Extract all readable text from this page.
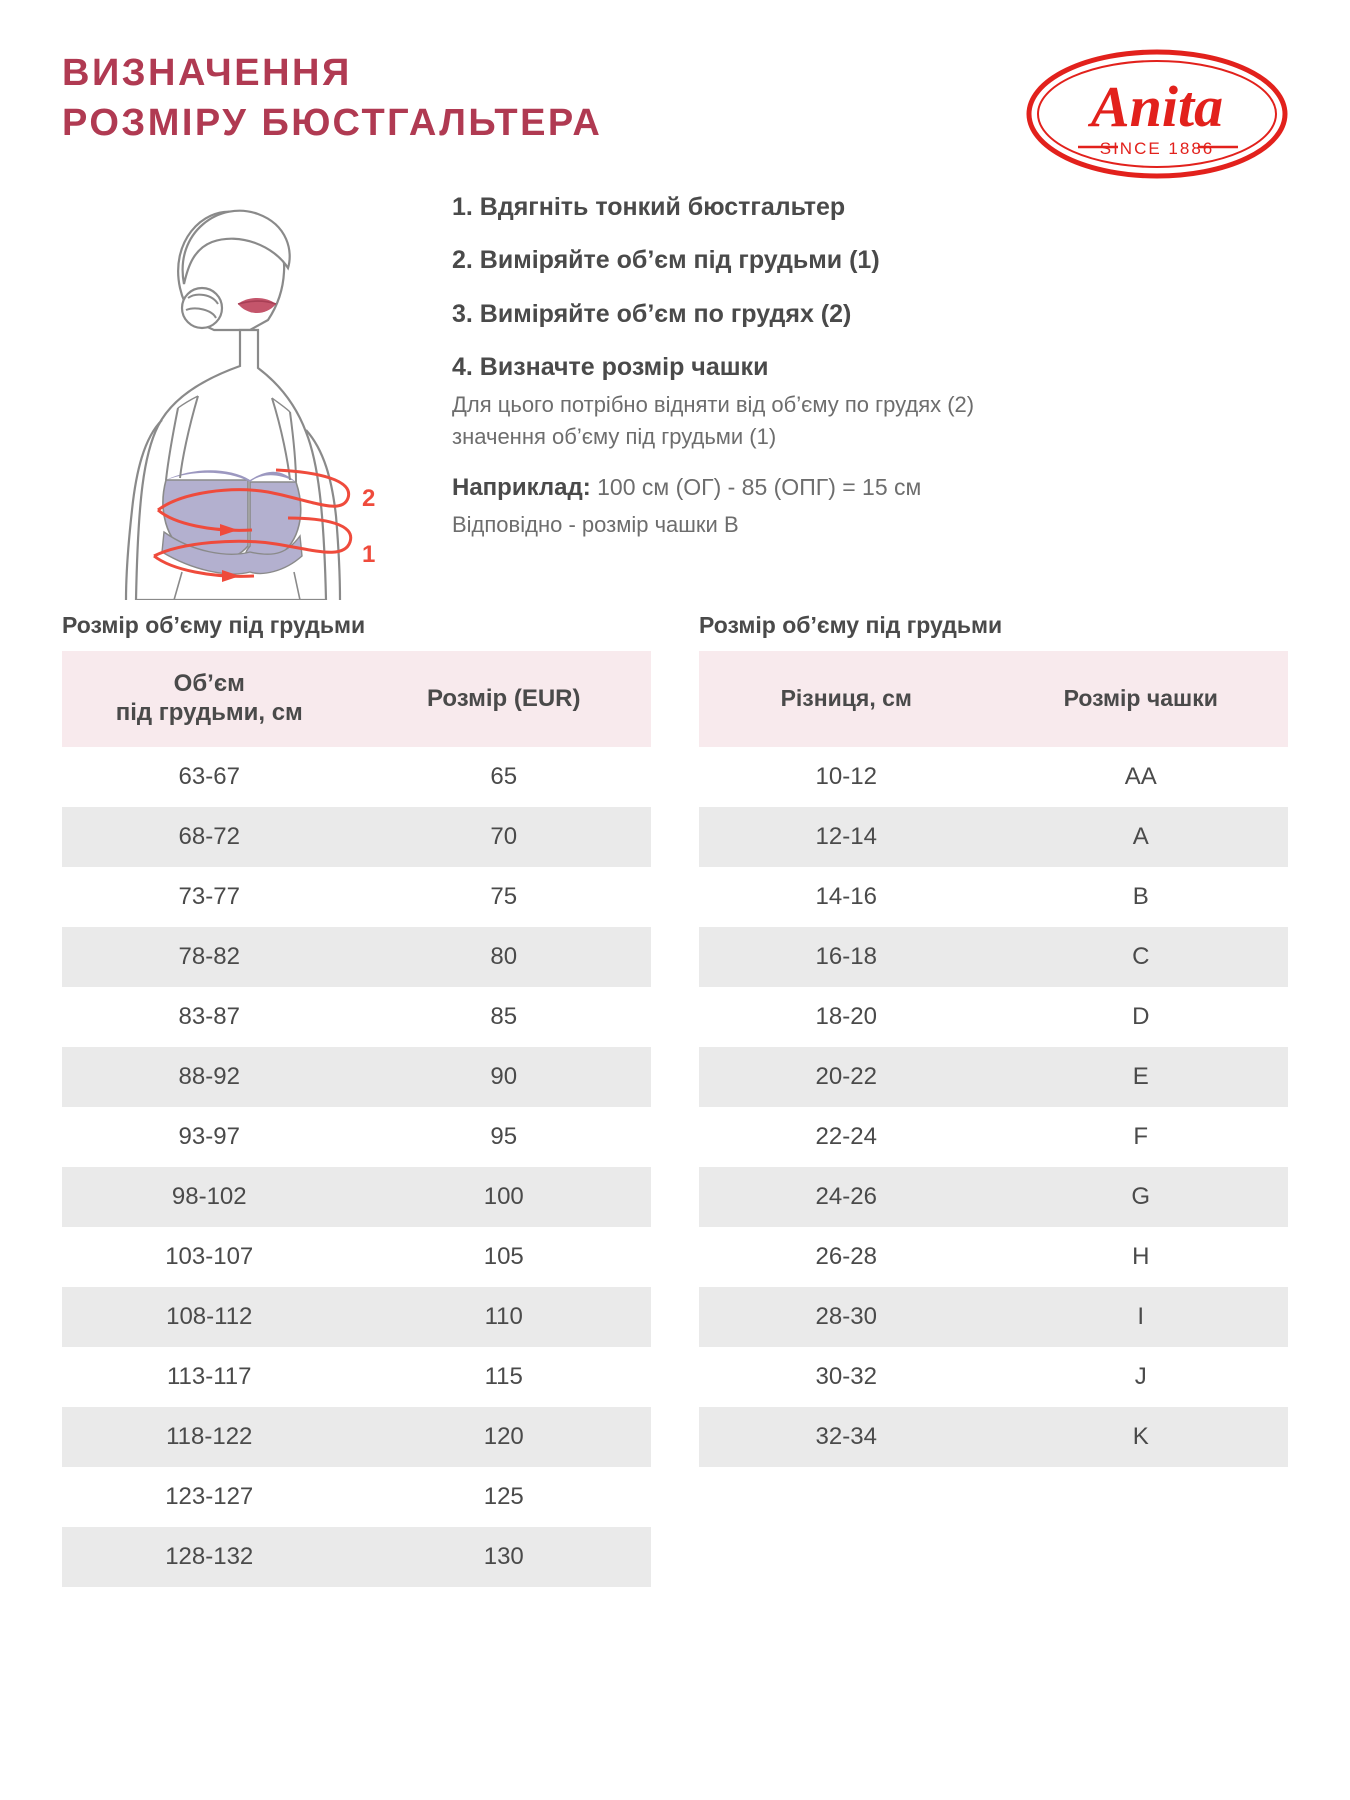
ВИЗНАЧЕННЯ
РОЗМІРУ БЮСТГАЛЬТЕРА	Anita
SINCE 1886
2
1
1. Вдягніть тонкий бюстгальтер
2. Виміряйте об’єм під грудьми (1)
3. Виміряйте об’єм по грудях (2)
4. Визначте розмір чашки
Для цього потрібно відняти від об’єму по грудях (2)
значення об’єму під грудьми (1)
Наприклад: 100 см (ОГ) - 85 (ОПГ) = 15 см
Відповідно - розмір чашки B
Розмір об’єму під грудьми
Об’єм
під грудьми, см	Розмір (EUR)
63-67	65
68-72	70
73-77	75
78-82	80
83-87	85
88-92	90
93-97	95
98-102	100
103-107	105
108-112	110
113-117	115
118-122	120
123-127	125
128-132	130
Розмір об’єму під грудьми
Різниця, см	Розмір чашки
10-12	AA
12-14	A
14-16	B
16-18	C
18-20	D
20-22	E
22-24	F
24-26	G
26-28	H
28-30	I
30-32	J
32-34	K
